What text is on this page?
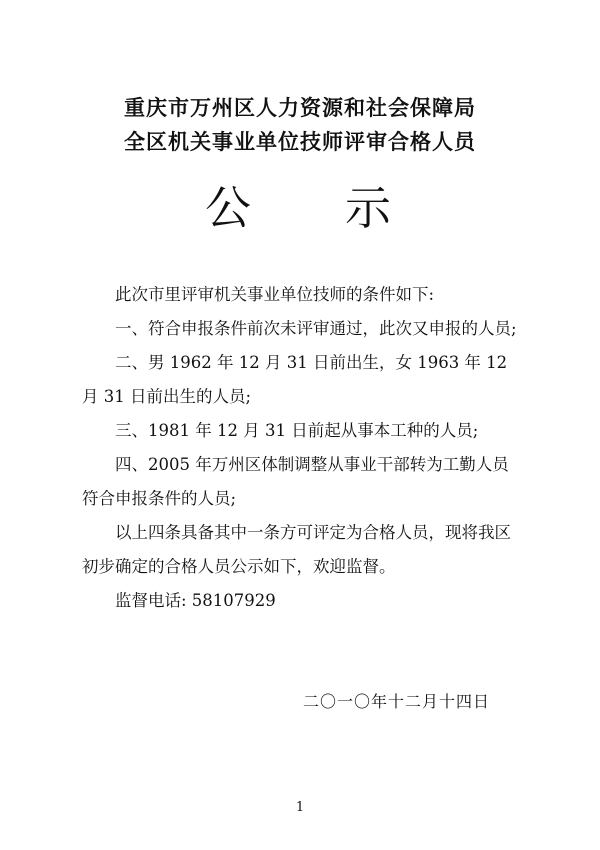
重庆市万州区人力资源和社会保障局
全区机关事业单位技师评审合格人员
公 示

此次市里评审机关事业单位技师的条件如下:

一、符合申报条件前次未评审通过，此次又申报的人员;

二、男 1962 年 12 月 31 日前出生，女 1963 年 12 月 31 日前出生的人员;

三、1981 年 12 月 31 日前起从事本工种的人员;

四、2005 年万州区体制调整从事业干部转为工勤人员符合申报条件的人员;

以上四条具备其中一条方可评定为合格人员，现将我区初步确定的合格人员公示如下，欢迎监督。

监督电话: 58107929

二〇一〇年十二月十四日
1
